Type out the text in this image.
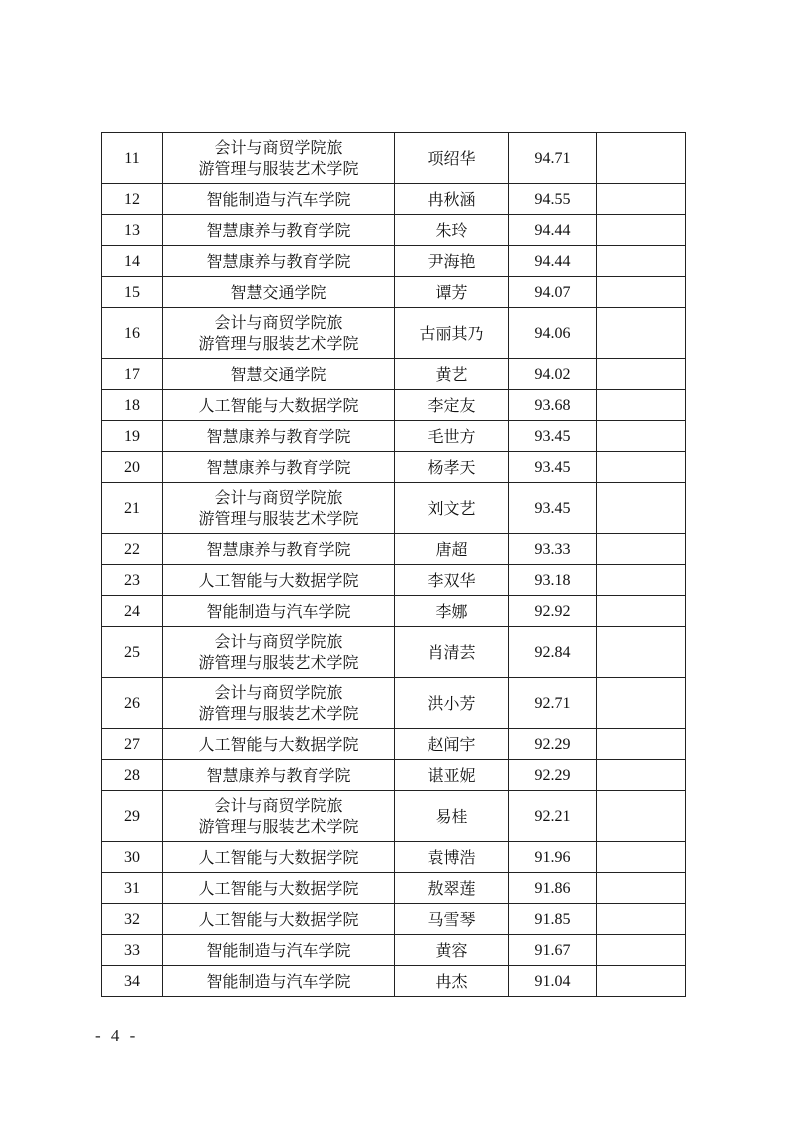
11	会计与商贸学院旅
游管理与服装艺术学院	项绍华	94.71	
12	智能制造与汽车学院	冉秋涵	94.55	
13	智慧康养与教育学院	朱玲	94.44	
14	智慧康养与教育学院	尹海艳	94.44	
15	智慧交通学院	谭芳	94.07	
16	会计与商贸学院旅
游管理与服装艺术学院	古丽其乃	94.06	
17	智慧交通学院	黄艺	94.02	
18	人工智能与大数据学院	李定友	93.68	
19	智慧康养与教育学院	毛世方	93.45	
20	智慧康养与教育学院	杨孝天	93.45	
21	会计与商贸学院旅
游管理与服装艺术学院	刘文艺	93.45	
22	智慧康养与教育学院	唐超	93.33	
23	人工智能与大数据学院	李双华	93.18	
24	智能制造与汽车学院	李娜	92.92	
25	会计与商贸学院旅
游管理与服装艺术学院	肖清芸	92.84	
26	会计与商贸学院旅
游管理与服装艺术学院	洪小芳	92.71	
27	人工智能与大数据学院	赵闻宇	92.29	
28	智慧康养与教育学院	谌亚妮	92.29	
29	会计与商贸学院旅
游管理与服装艺术学院	易桂	92.21	
30	人工智能与大数据学院	袁博浩	91.96	
31	人工智能与大数据学院	敖翠莲	91.86	
32	人工智能与大数据学院	马雪琴	91.85	
33	智能制造与汽车学院	黄容	91.67	
34	智能制造与汽车学院	冉杰	91.04	
- 4 -
